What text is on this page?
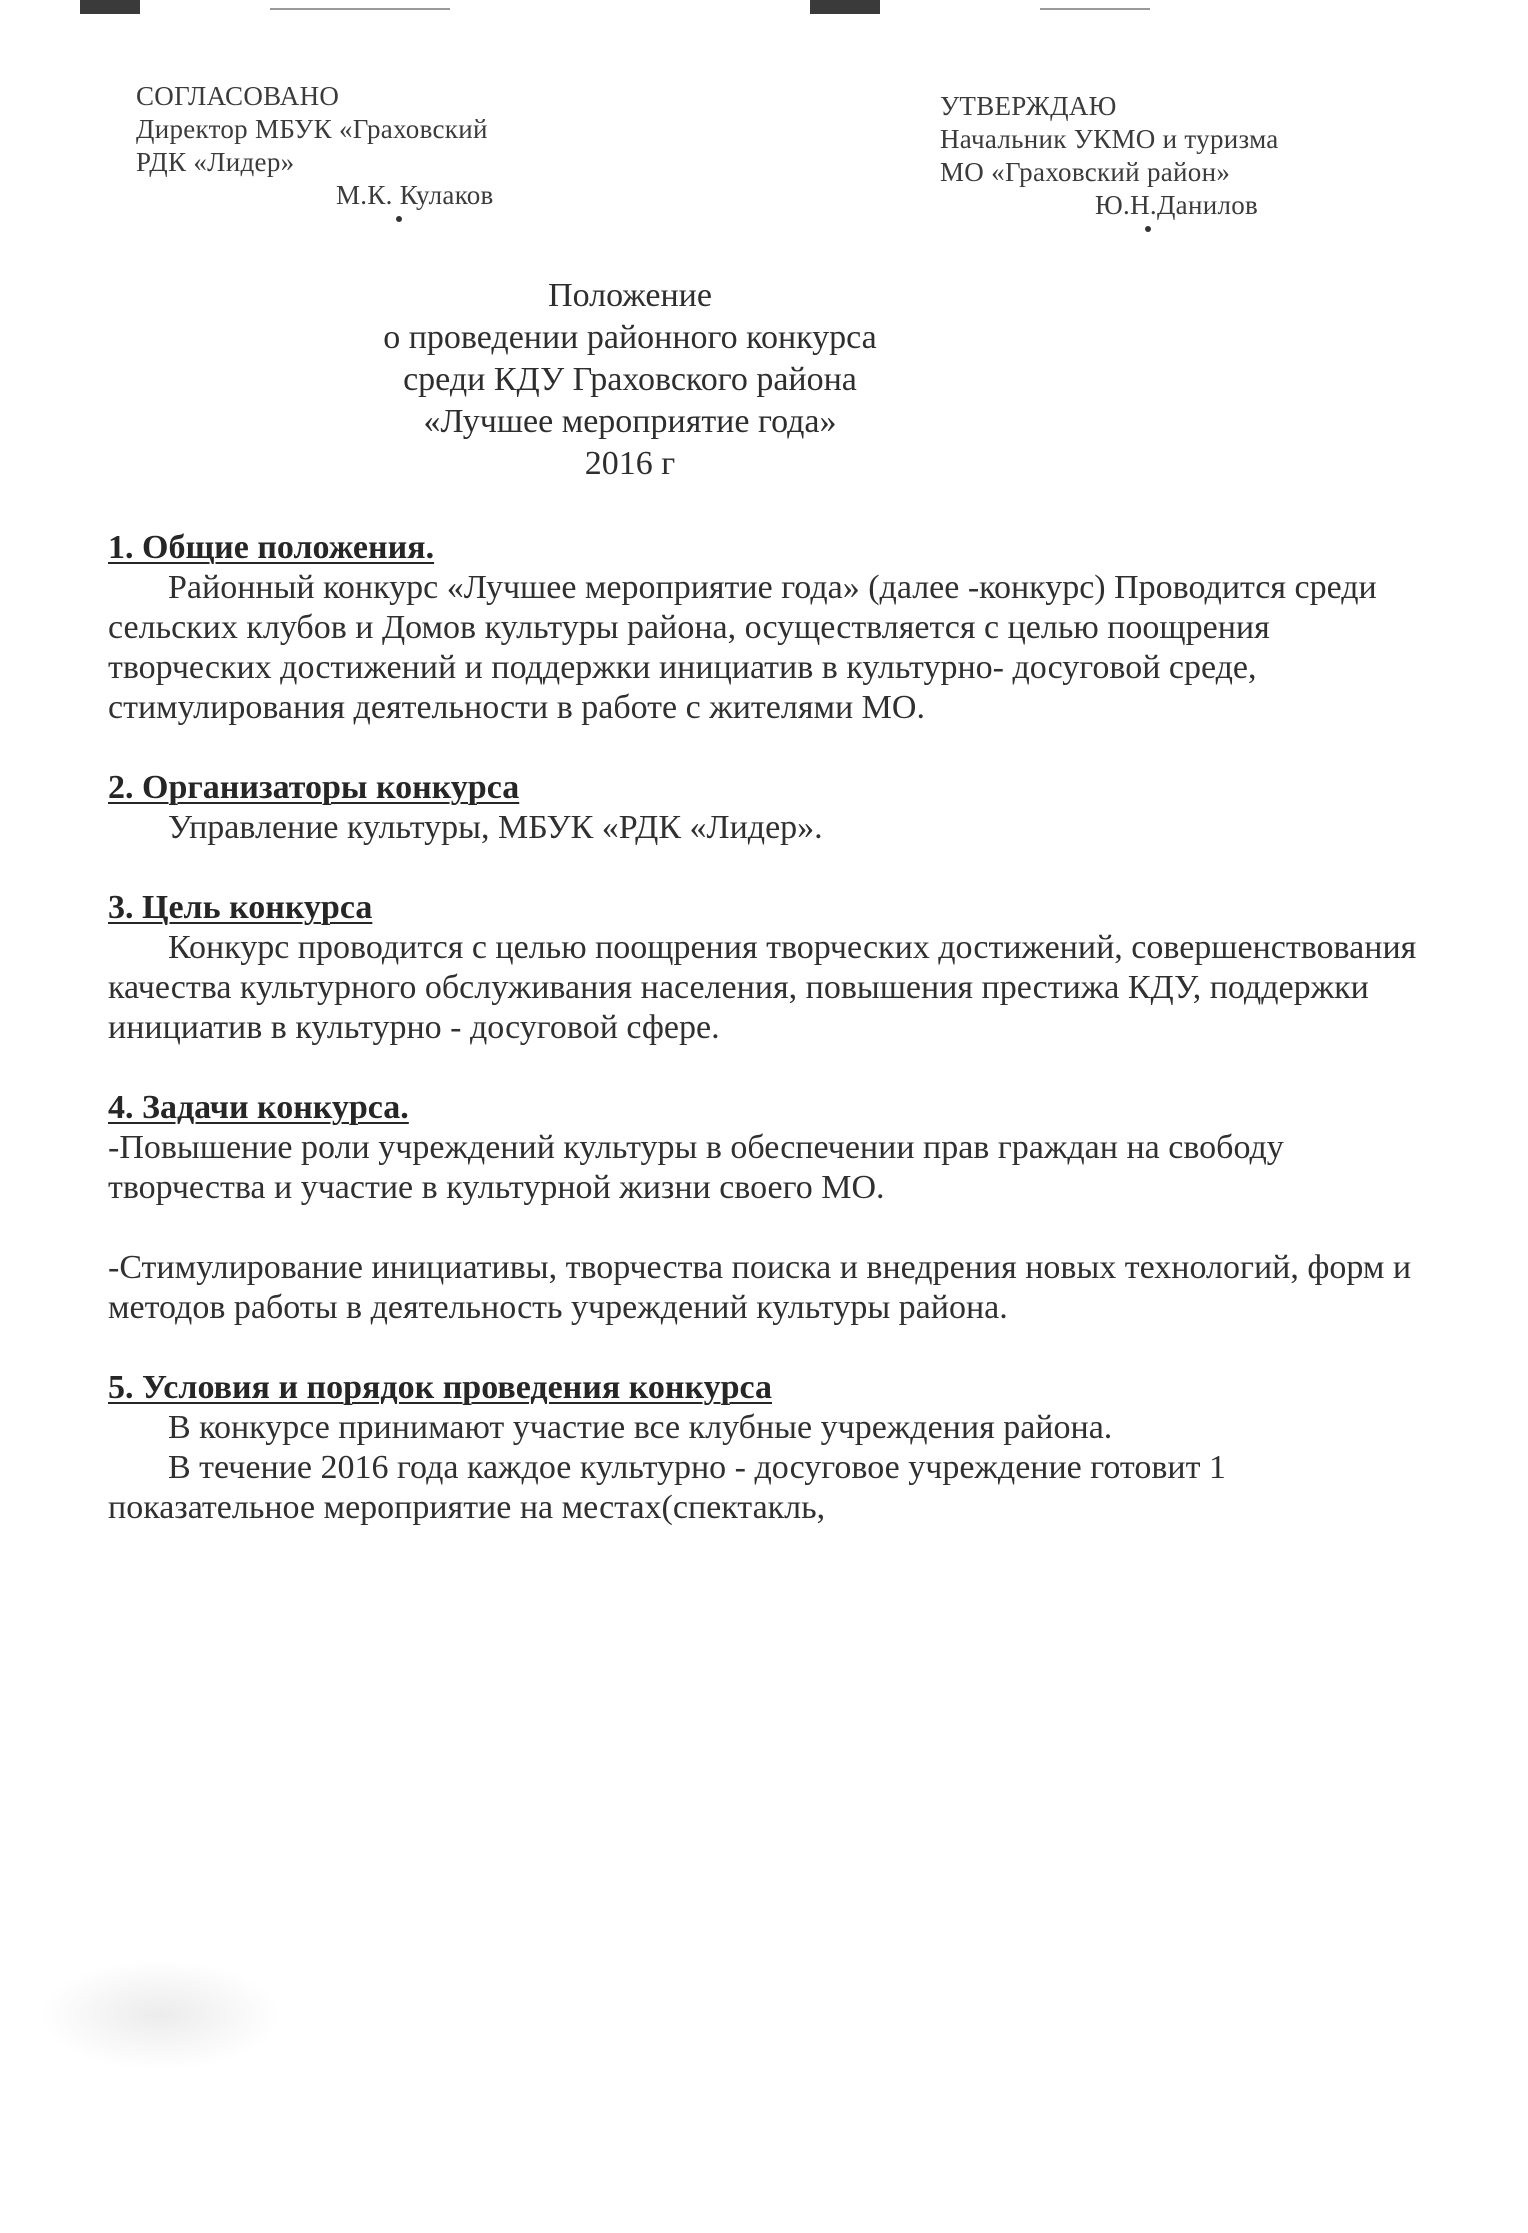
СОГЛАСОВАНО
Директор МБУК «Граховский
РДК «Лидер»
М.К. Кулаков
УТВЕРЖДАЮ
Начальник УКМО и туризма
МО «Граховский район»
Ю.Н.Данилов
Положение
о проведении районного конкурса
среди КДУ Граховского района
«Лучшее мероприятие года»
2016 г
1. Общие положения.
Районный конкурс «Лучшее мероприятие года» (далее -конкурс) Проводится среди сельских клубов и Домов культуры района, осуществляется с целью поощрения творческих достижений и поддержки инициатив в культурно- досуговой среде, стимулирования деятельности в работе с жителями МО.
2. Организаторы конкурса
Управление культуры, МБУК «РДК «Лидер».
3. Цель конкурса
Конкурс проводится с целью поощрения творческих достижений, совершенствования качества культурного обслуживания населения, повышения престижа КДУ, поддержки инициатив в культурно - досуговой сфере.
4. Задачи конкурса.
-Повышение роли учреждений культуры в обеспечении прав граждан на свободу творчества и участие в культурной жизни своего МО.
-Стимулирование инициативы, творчества поиска и внедрения новых технологий, форм и методов работы в деятельность учреждений культуры района.
5. Условия и порядок проведения конкурса
В конкурсе принимают участие все клубные учреждения района.
В течение 2016 года каждое культурно - досуговое учреждение готовит 1 показательное мероприятие на местах(спектакль,
